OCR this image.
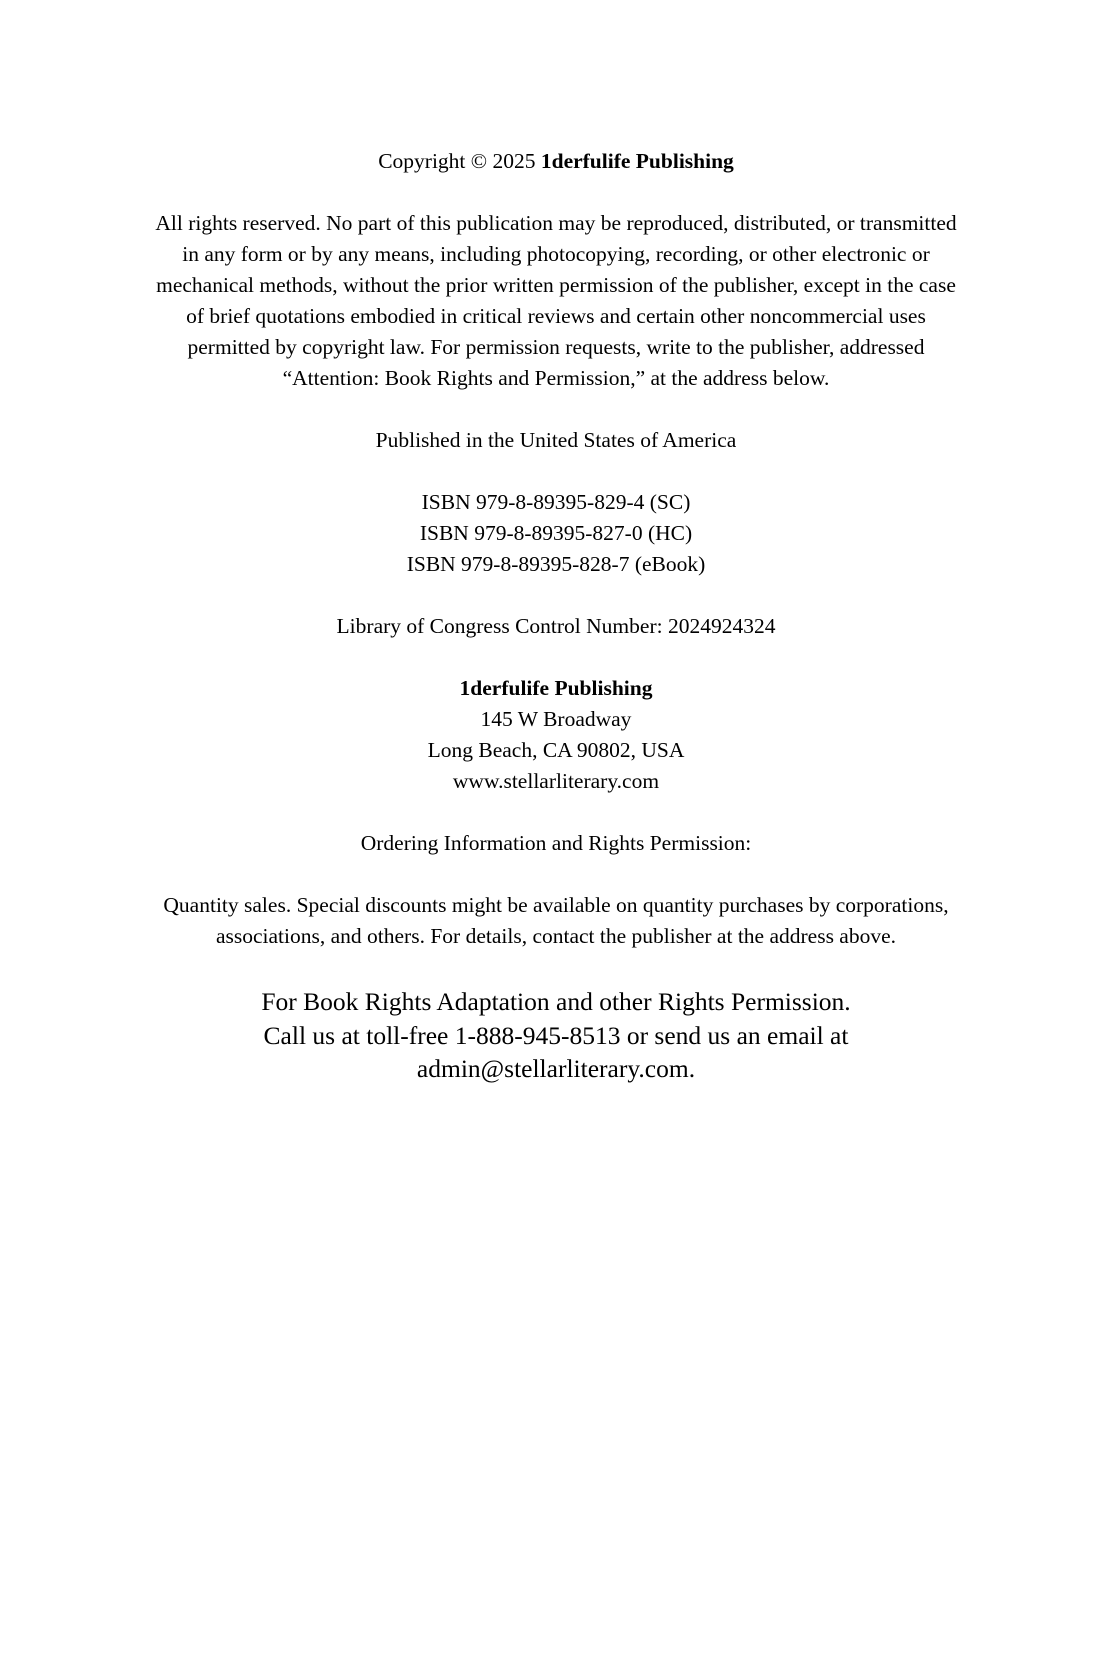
Copyright © 2025 1derfulife Publishing
All rights reserved. No part of this publication may be reproduced, distributed, or transmitted
in any form or by any means, including photocopying, recording, or other electronic or
mechanical methods, without the prior written permission of the publisher, except in the case
of brief quotations embodied in critical reviews and certain other noncommercial uses
permitted by copyright law. For permission requests, write to the publisher, addressed
“Attention: Book Rights and Permission,” at the address below.
Published in the United States of America
ISBN 979-8-89395-829-4 (SC)
ISBN 979-8-89395-827-0 (HC)
ISBN 979-8-89395-828-7 (eBook)
Library of Congress Control Number: 2024924324
1derfulife Publishing
145 W Broadway
Long Beach, CA 90802, USA
www.stellarliterary.com
Ordering Information and Rights Permission:
Quantity sales. Special discounts might be available on quantity purchases by corporations,
associations, and others. For details, contact the publisher at the address above.
For Book Rights Adaptation and other Rights Permission.
Call us at toll-free 1-888-945-8513 or send us an email at
admin@stellarliterary.com.
